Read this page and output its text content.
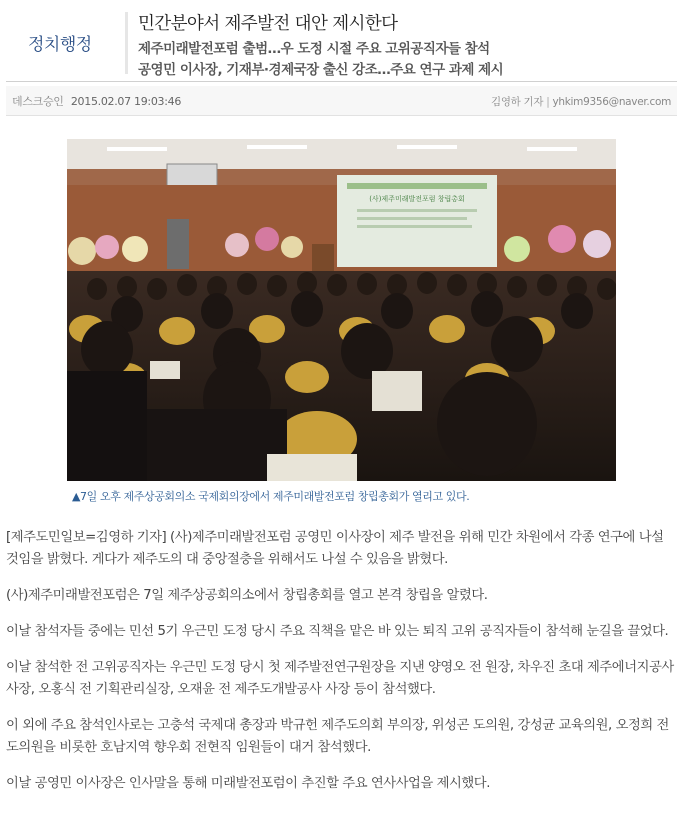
정치행정
민간분야서 제주발전 대안 제시한다
제주미래발전포럼 출범…우 도정 시절 주요 고위공직자들 참석
공영민 이사장, 기재부·경제국장 출신 강조…주요 연구 과제 제시
데스크승인 2015.02.07 19:03:46	김영하 기자 | yhkim9356@naver.com
(사)제주미래발전포럼 창립총회
▲7일 오후 제주상공회의소 국제회의장에서 제주미래발전포럼 창립총회가 열리고 있다.

[제주도민일보=김영하 기자] (사)제주미래발전포럼 공영민 이사장이 제주 발전을 위해 민간 차원에서 각종 연구에 나설 것임을 밝혔다. 게다가 제주도의 대 중앙절충을 위해서도 나설 수 있음을 밝혔다.

(사)제주미래발전포럼은 7일 제주상공회의소에서 창립총회를 열고 본격 창립을 알렸다.

이날 참석자들 중에는 민선 5기 우근민 도정 당시 주요 직책을 맡은 바 있는 퇴직 고위 공직자들이 참석해 눈길을 끌었다.

이날 참석한 전 고위공직자는 우근민 도정 당시 첫 제주발전연구원장을 지낸 양영오 전 원장, 차우진 초대 제주에너지공사 사장, 오홍식 전 기획관리실장, 오재윤 전 제주도개발공사 사장 등이 참석했다.

이 외에 주요 참석인사로는 고충석 국제대 총장과 박규헌 제주도의회 부의장, 위성곤 도의원, 강성균 교육의원, 오정희 전 도의원을 비롯한 호남지역 향우회 전현직 임원들이 대거 참석했다.

이날 공영민 이사장은 인사말을 통해 미래발전포럼이 추진할 주요 연사사업을 제시했다.
